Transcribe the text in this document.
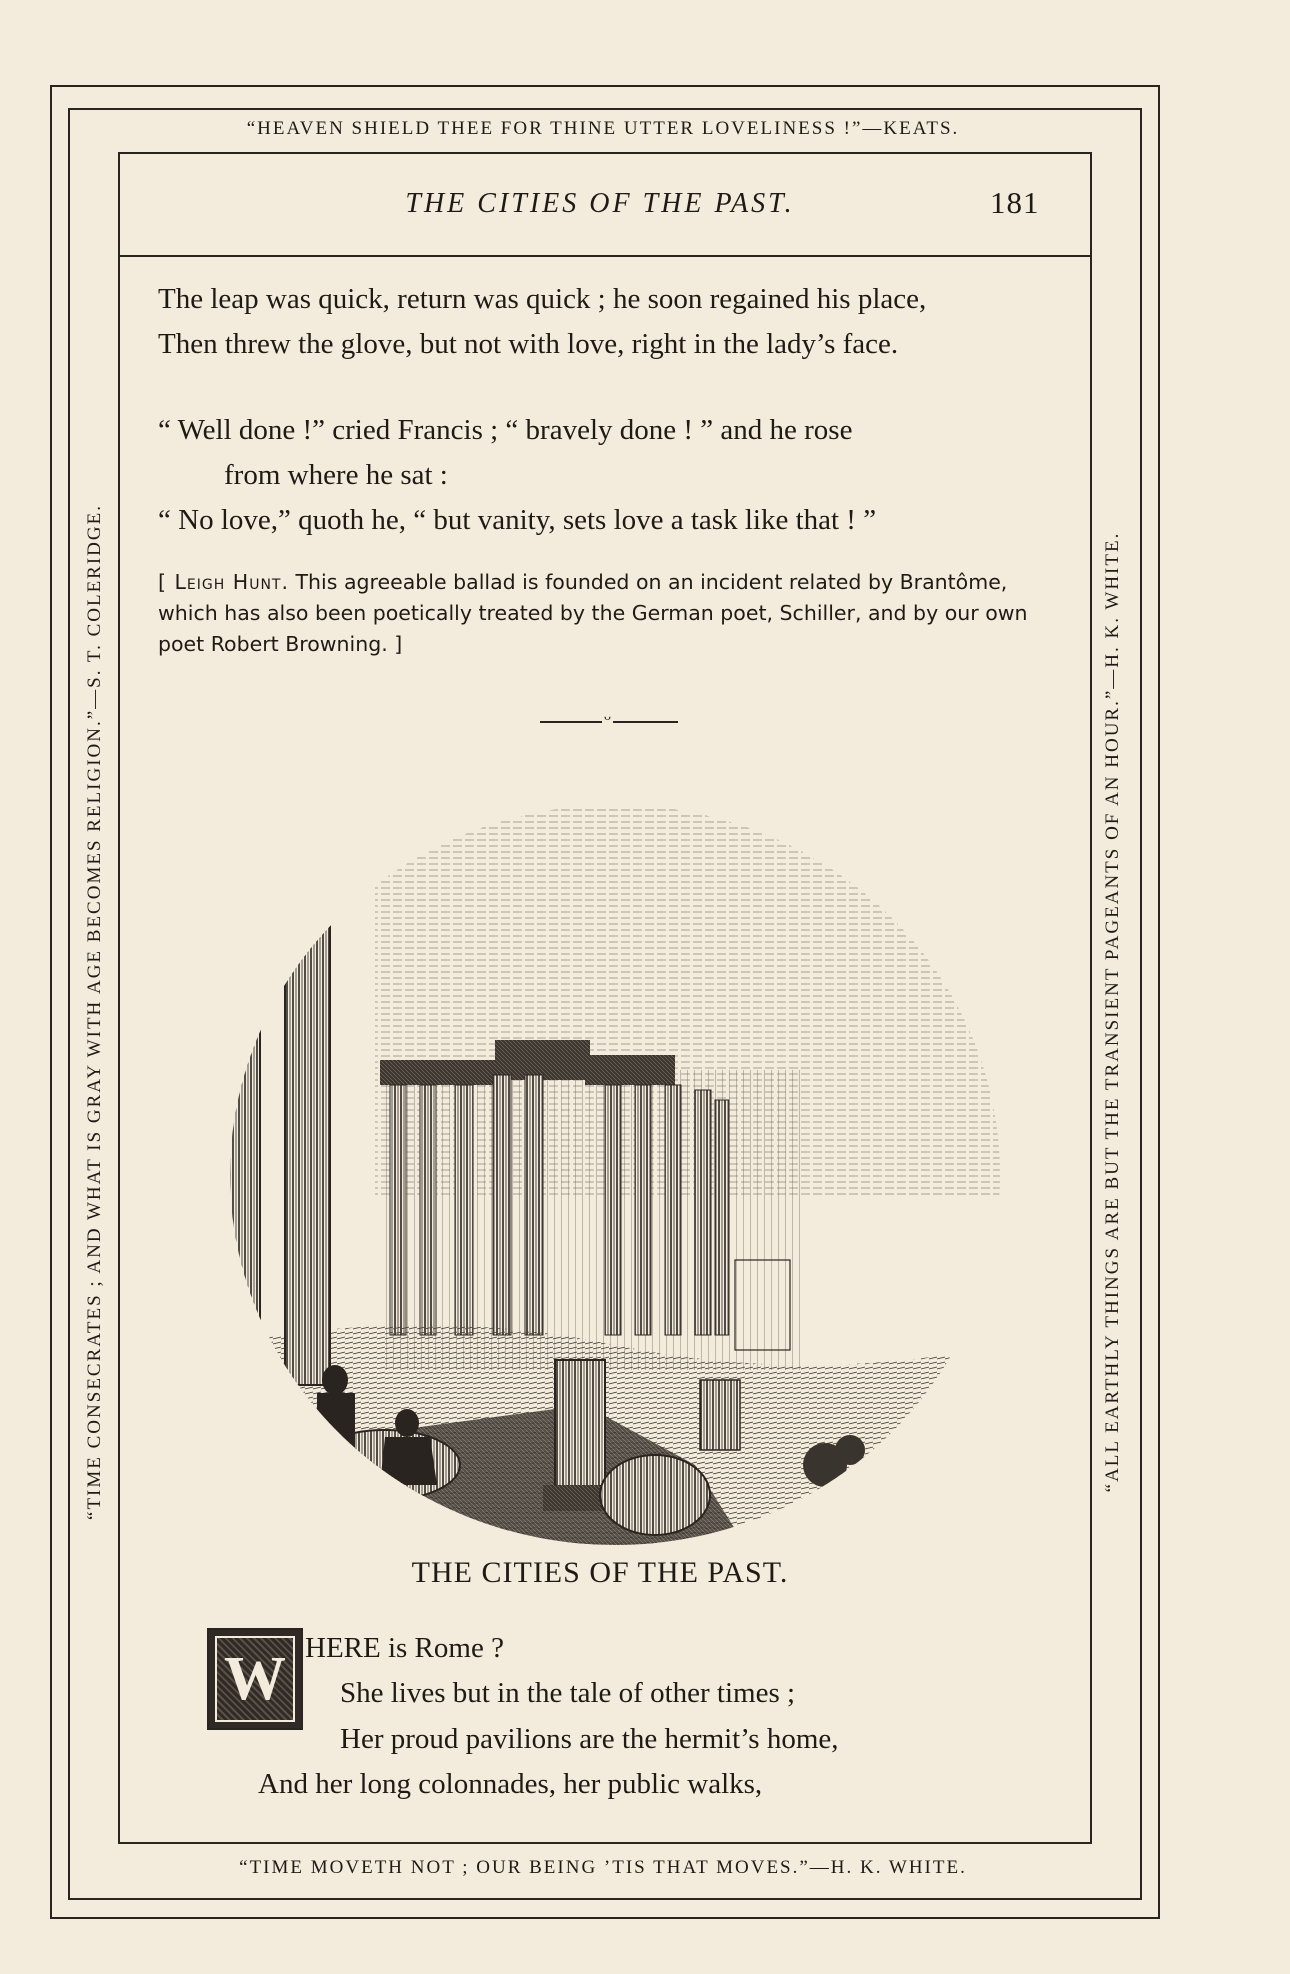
“HEAVEN SHIELD THEE FOR THINE UTTER LOVELINESS !”—KEATS.
“TIME MOVETH NOT ; OUR BEING ’TIS THAT MOVES.”—H. K. WHITE.
“TIME CONSECRATES ; AND WHAT IS GRAY WITH AGE BECOMES RELIGION.”—S. T. COLERIDGE.	“ALL EARTHLY THINGS ARE BUT THE TRANSIENT PAGEANTS OF AN HOUR.”—H. K. WHITE.
THE CITIES OF THE PAST.	181
The leap was quick, return was quick ; he soon regained his place,
Then threw the glove, but not with love, right in the lady’s face.
“ Well done !” cried Francis ; “ bravely done ! ” and he rose
from where he sat :
“ No love,” quoth he, “ but vanity, sets love a task like that ! ”
[ Leigh Hunt. This agreeable ballad is founded on an incident related by Brantôme, which has also been poetically treated by the German poet, Schiller, and by our own poet Robert Browning. ]
ᴗ
THE CITIES OF THE PAST.
W HERE is Rome ?
She lives but in the tale of other times ;
Her proud pavilions are the hermit’s home,
And her long colonnades, her public walks,
